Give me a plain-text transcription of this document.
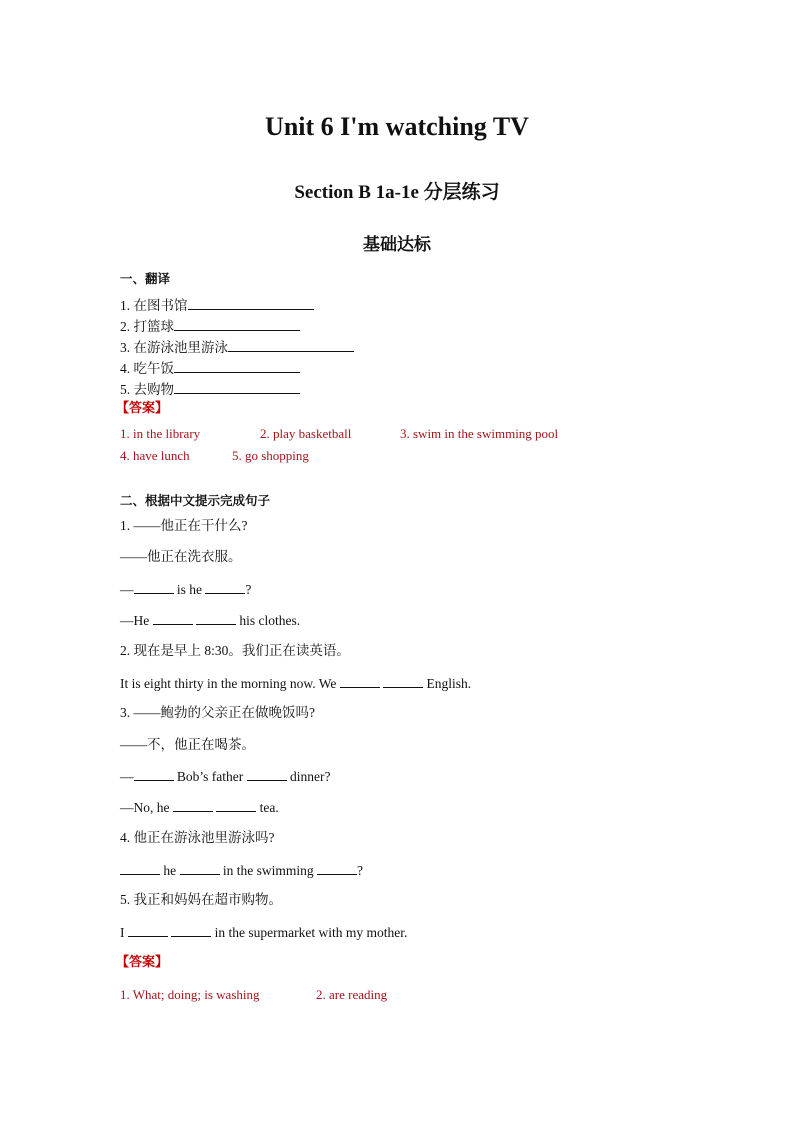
Unit 6 I'm watching TV
Section B 1a-1e 分层练习
基础达标
一、翻译
1. 在图书馆
2. 打篮球
3. 在游泳池里游泳
4. 吃午饭
5. 去购物
【答案】
1. in the library	2. play basketball	3. swim in the swimming pool
4. have lunch	5. go shopping
二、根据中文提示完成句子
1. ——他正在干什么?
——他正在洗衣服。
—	is he	?
—He	his clothes.
2. 现在是早上 8:30。我们正在读英语。
It is eight thirty in the morning now. We	English.
3. ——鲍勃的父亲正在做晚饭吗?
——不，他正在喝茶。
—	Bob’s father	dinner?
—No, he	tea.
4. 他正在游泳池里游泳吗?
he	in the swimming	?
5. 我正和妈妈在超市购物。
I	in the supermarket with my mother.
【答案】
1. What; doing; is washing	2. are reading
